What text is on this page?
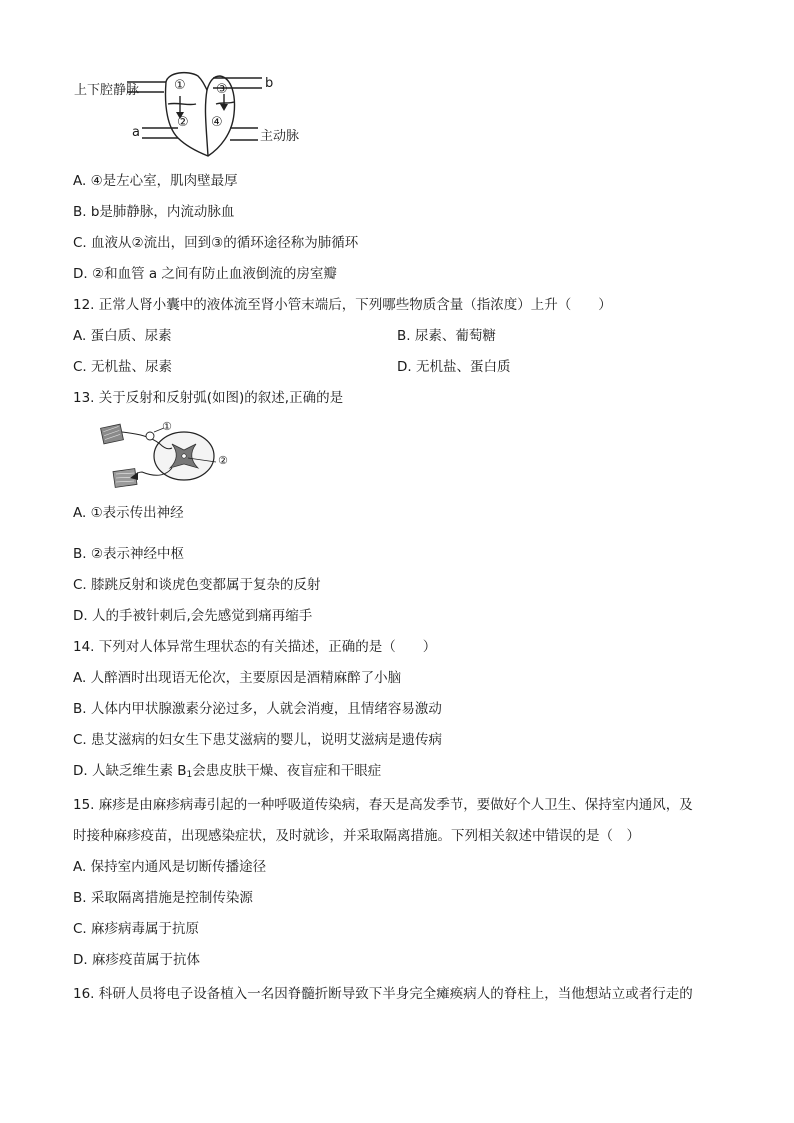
上下腔静脉	b
a	主动脉
①
②
③
④
A. ④是左心室，肌肉壁最厚
B. b是肺静脉，内流动脉血
C. 血液从②流出，回到③的循环途径称为肺循环
D. ②和血管 a 之间有防止血液倒流的房室瓣
12. 正常人肾小囊中的液体流至肾小管末端后，下列哪些物质含量（指浓度）上升（　　）
A. 蛋白质、尿素	B. 尿素、葡萄糖
C. 无机盐、尿素	D. 无机盐、蛋白质
13. 关于反射和反射弧(如图)的叙述,正确的是
①
②
A. ①表示传出神经
B. ②表示神经中枢
C. 膝跳反射和谈虎色变都属于复杂的反射
D. 人的手被针刺后,会先感觉到痛再缩手
14. 下列对人体异常生理状态的有关描述，正确的是（　　）
A. 人醉酒时出现语无伦次，主要原因是酒精麻醉了小脑
B. 人体内甲状腺激素分泌过多，人就会消瘦，且情绪容易激动
C. 患艾滋病的妇女生下患艾滋病的婴儿，说明艾滋病是遗传病
D. 人缺乏维生素 $B_1$会患皮肤干燥、夜盲症和干眼症
15. 麻疹是由麻疹病毒引起的一种呼吸道传染病，春天是高发季节，要做好个人卫生、保持室内通风，及
时接种麻疹疫苗，出现感染症状，及时就诊，并采取隔离措施。下列相关叙述中错误的是（　）
A. 保持室内通风是切断传播途径
B. 采取隔离措施是控制传染源
C. 麻疹病毒属于抗原
D. 麻疹疫苗属于抗体
16. 科研人员将电子设备植入一名因脊髓折断导致下半身完全瘫痪病人的脊柱上，当他想站立或者行走的
